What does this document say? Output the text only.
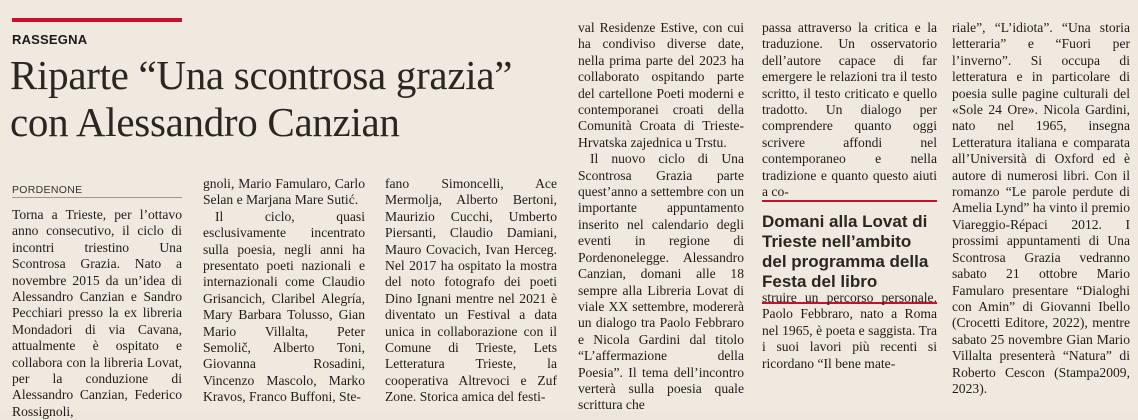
RASSEGNA
Riparte “Una scontrosa grazia”
con Alessandro Canzian
PORDENONE

Torna a Trieste, per l’ottavo anno consecutivo, il ciclo di incontri triestino Una Scontrosa Grazia. Nato a novembre 2015 da un’idea di Alessandro Canzian e Sandro Pecchiari presso la ex libreria Mondadori di via Cavana, attualmente è ospitato e collabora con la libreria Lovat, per la conduzione di Alessandro Canzian, Federico Rossignoli,

gnoli, Mario Famularo, Carlo Selan e Marjana Mare Sutić.

Il ciclo, quasi esclusivamente incentrato sulla poesia, negli anni ha presentato poeti nazionali e internazionali come Claudio Grisancich, Claribel Alegría, Mary Barbara Tolusso, Gian Mario Villalta, Peter Semolič, Alberto Toni, Giovanna Rosadini, Vincenzo Mascolo, Marko Kravos, Franco Buffoni, Ste-

fano Simoncelli, Ace Mermolja, Alberto Bertoni, Maurizio Cucchi, Umberto Piersanti, Claudio Damiani, Mauro Covacich, Ivan Herceg. Nel 2017 ha ospitato la mostra del noto fotografo dei poeti Dino Ignani mentre nel 2021 è diventato un Festival a data unica in collaborazione con il Comune di Trieste, Lets Letteratura Trieste, la cooperativa Altrevoci e Zuf Zone. Storica amica del festi-

val Residenze Estive, con cui ha condiviso diverse date, nella prima parte del 2023 ha collaborato ospitando parte del cartellone Poeti moderni e contemporanei croati della Comunità Croata di Trieste-Hrvatska zajednica u Trstu.

Il nuovo ciclo di Una Scontrosa Grazia parte quest’anno a settembre con un importante appuntamento inserito nel calendario degli eventi in regione di Pordenonelegge. Alessandro Canzian, domani alle 18 sempre alla Libreria Lovat di viale XX settembre, modererà un dialogo tra Paolo Febbraro e Nicola Gardini dal titolo “L’affermazione della Poesia”. Il tema dell’incontro verterà sulla poesia quale scrittura che

passa attraverso la critica e la traduzione. Un osservatorio dell’autore capace di far emergere le relazioni tra il testo scritto, il testo criticato e quello tradotto. Un dialogo per comprendere quanto oggi scrivere affondi nel contemporaneo e nella tradizione e quanto questo aiuti a co-

Domani alla Lovat di Trieste nell’ambito del programma della Festa del libro

struire un percorso personale. Paolo Febbraro, nato a Roma nel 1965, è poeta e saggista. Tra i suoi lavori più recenti si ricordano “Il bene mate-

riale”, “L’idiota”. “Una storia letteraria” e “Fuori per l’inverno”. Si occupa di letteratura e in particolare di poesia sulle pagine culturali del «Sole 24 Ore». Nicola Gardini, nato nel 1965, insegna Letteratura italiana e comparata all’Università di Oxford ed è autore di numerosi libri. Con il romanzo “Le parole perdute di Amelia Lynd” ha vinto il premio Viareggio-Répaci 2012. I prossimi appuntamenti di Una Scontrosa Grazia vedranno sabato 21 ottobre Mario Famularo presentare “Dialoghi con Amin” di Giovanni Ibello (Crocetti Editore, 2022), mentre sabato 25 novembre Gian Mario Villalta presenterà “Natura” di Roberto Cescon (Stampa2009, 2023).
